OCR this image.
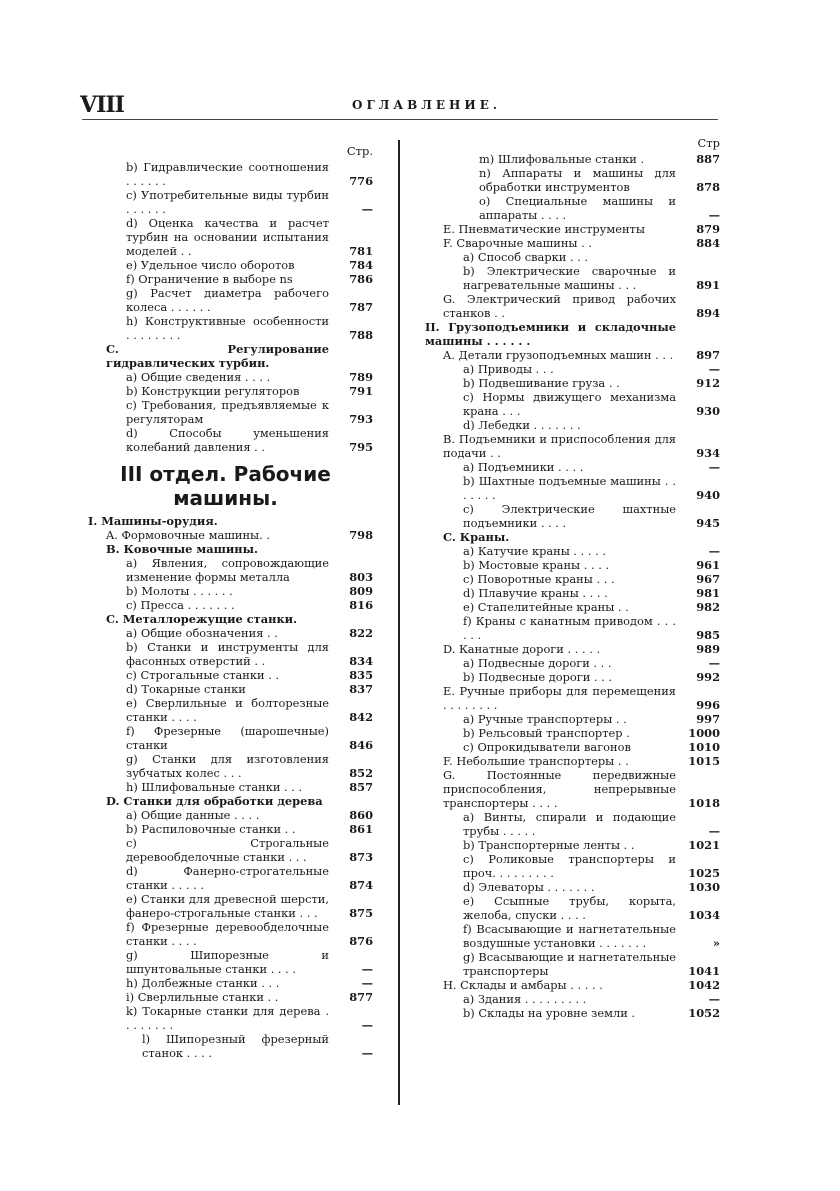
VIII	ОГЛАВЛЕНИЕ.
Стр.
b) Гидравлические соотношения . . . . . .	776
c) Употребительные виды турбин . . . . . .	—
d) Оценка качества и расчет турбин на основании испытания моделей . .	781
e) Удельное число оборотов	784
f) Ограничение в выборе ns	786
g) Расчет диаметра рабочего колеса . . . . . .	787
h) Конструктивные особенности . . . . . . . .	788
C. Регулирование гидравлических турбин.
a) Общие сведения . . . .	789
b) Конструкции регуляторов	791
c) Требования, предъявляемые к регуляторам	793
d) Способы уменьшения колебаний давления . .	795
III отдел. Рабочие машины.
I. Машины-орудия.
A. Формовочные машины. .	798
B. Ковочные машины.
a) Явления, сопровождающие изменение формы металла	803
b) Молоты . . . . . .	809
c) Пресса . . . . . . .	816
C. Металлорежущие станки.
a) Общие обозначения . .	822
b) Станки и инструменты для фасонных отверстий . .	834
c) Строгальные станки . .	835
d) Токарные станки	837
e) Сверлильные и болторезные станки . . . .	842
f) Фрезерные (шарошечные) станки	846
g) Станки для изготовления зубчатых колес . . .	852
h) Шлифовальные станки . . .	857
D. Станки для обработки дерева
a) Общие данные . . . .	860
b) Распиловочные станки . .	861
c) Строгальные деревообделочные станки . . .	873
d) Фанерно-строгательные станки . . . . .	874
e) Станки для древесной шерсти, фанеро-строгальные станки . . .	875
f) Фрезерные деревообделочные станки . . . .	876
g) Шипорезные и шпунтовальные станки . . . .	—
h) Долбежные станки . . .	—
i) Сверлильные станки . .	877
k) Токарные станки для дерева . . . . . . . .	—
l) Шипорезный фрезерный станок . . . .	—
Стр
m) Шлифовальные станки .	887
n) Аппараты и машины для обработки инструментов	878
o) Специальные машины и аппараты . . . .	—
E. Пневматические инструменты	879
F. Сварочные машины . .	884
a) Способ сварки . . .
b) Электрические сварочные и нагревательные машины . . .	891
G. Электрический привод рабочих станков . .	894
II. Грузоподъемники и складочные машины . . . . . .
A. Детали грузоподъемных машин . . .	897
a) Приводы . . .	—
b) Подвешивание груза . .	912
c) Нормы движущего механизма крана . . .	930
d) Лебедки . . . . . . .
B. Подъемники и приспособления для подачи . .	934
a) Подъемники . . . .	—
b) Шахтные подъемные машины . . . . . . .	940
c) Электрические шахтные подъемники . . . .	945
C. Краны.
a) Катучие краны . . . . .	—
b) Мостовые краны . . . .	961
c) Поворотные краны . . .	967
d) Плавучие краны . . . .	981
e) Стапелитейные краны . .	982
f) Краны с канатным приводом . . . . . .	985
D. Канатные дороги . . . . .	989
a) Подвесные дороги . . .	—
b) Подвесные дороги . . .	992
E. Ручные приборы для перемещения . . . . . . . .	996
a) Ручные транспортеры . .	997
b) Рельсовый транспортер .	1000
c) Опрокидыватели вагонов	1010
F. Небольшие транспортеры . .	1015
G. Постоянные передвижные приспособления, непрерывные транспортеры . . . .	1018
a) Винты, спирали и подающие трубы . . . . .	—
b) Транспортерные ленты . .	1021
c) Роликовые транспортеры и проч. . . . . . . . .	1025
d) Элеваторы . . . . . . .	1030
e) Ссыпные трубы, корыта, желоба, спуски . . . .	1034
f) Всасывающие и нагнетательные воздушные установки . . . . . . .	»
g) Всасывающие и нагнетательные транспортеры	1041
H. Склады и амбары . . . . .	1042
a) Здания . . . . . . . . .	—
b) Склады на уровне земли .	1052
